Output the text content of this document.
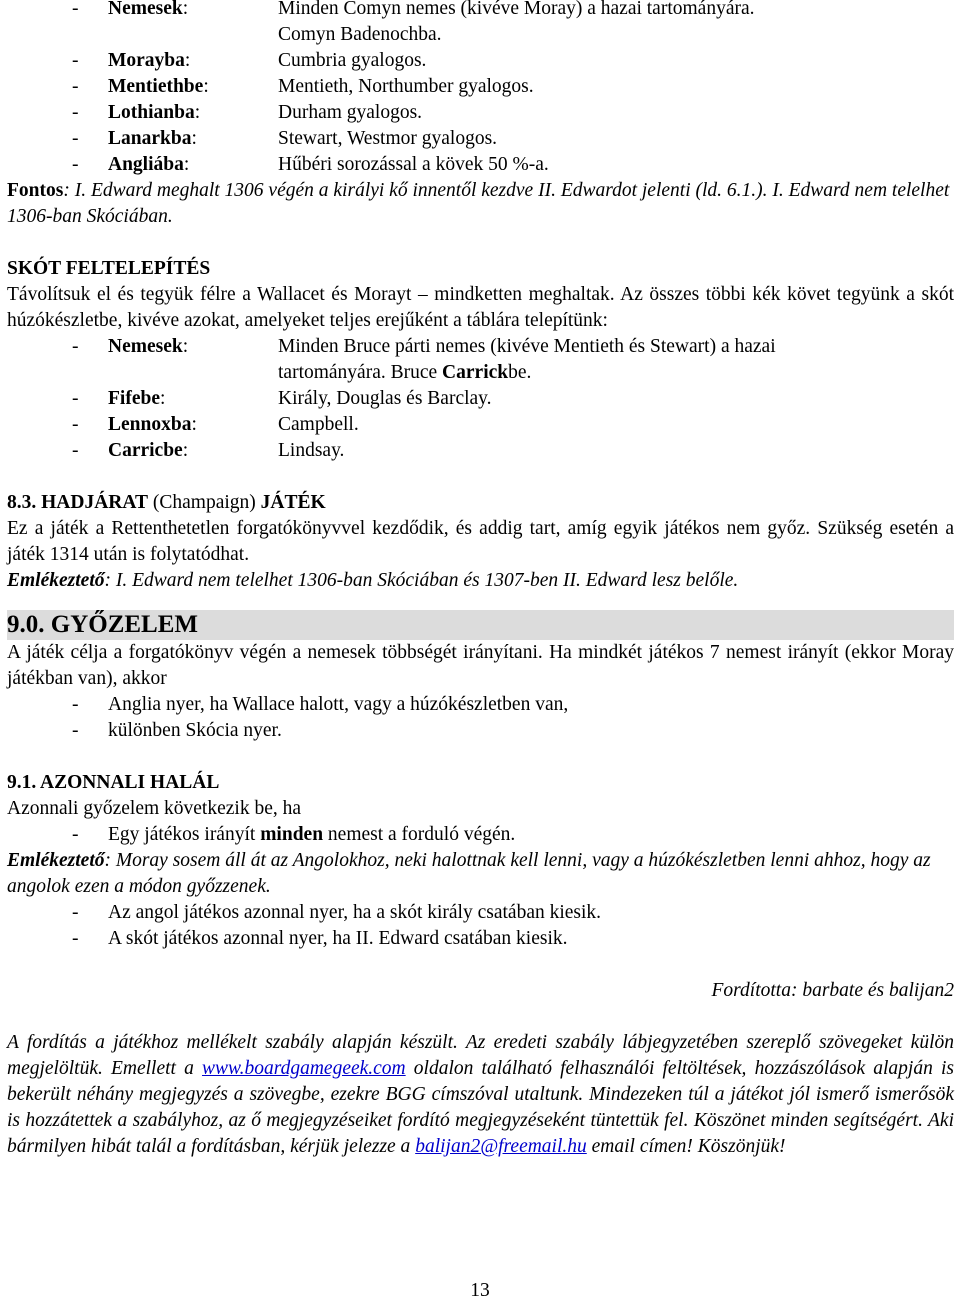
-	Nemesek:	Minden Comyn nemes (kivéve Moray) a hazai tartományára.

Comyn Badenochba.

-	Morayba:	Cumbria gyalogos.
-	Mentiethbe:	Mentieth, Northumber gyalogos.
-	Lothianba:	Durham gyalogos.
-	Lanarkba:	Stewart, Westmor gyalogos.
-	Angliába:	Hűbéri sorozással a kövek 50 %-a.

Fontos: I. Edward meghalt 1306 végén a királyi kő innentől kezdve II. Edwardot jelenti (ld. 6.1.). I. Edward nem telelhet 1306-ban Skóciában.

SKÓT FELTELEPÍTÉS

Távolítsuk el és tegyük félre a Wallacet és Morayt – mindketten meghaltak. Az összes többi kék követ tegyünk a skót húzókészletbe, kivéve azokat, amelyeket teljes erejűként a táblára telepítünk:

-	Nemesek:	Minden Bruce párti nemes (kivéve Mentieth és Stewart) a hazai

tartományára. Bruce Carrickbe.

-	Fifebe:	Király, Douglas és Barclay.
-	Lennoxba:	Campbell.
-	Carricbe:	Lindsay.

8.3. HADJÁRAT (Champaign) JÁTÉK

Ez a játék a Rettenthetetlen forgatókönyvvel kezdődik, és addig tart, amíg egyik játékos nem győz. Szükség esetén a játék 1314 után is folytatódhat.

Emlékeztető: I. Edward nem telelhet 1306-ban Skóciában és 1307-ben II. Edward lesz belőle.

9.0. GYŐZELEM

A játék célja a forgatókönyv végén a nemesek többségét irányítani. Ha mindkét játékos 7 nemest irányít (ekkor Moray játékban van), akkor

-	Anglia nyer, ha Wallace halott, vagy a húzókészletben van,
-	különben Skócia nyer.

9.1. AZONNALI HALÁL

Azonnali győzelem következik be, ha

-	Egy játékos irányít minden nemest a forduló végén.

Emlékeztető: Moray sosem áll át az Angolokhoz, neki halottnak kell lenni, vagy a húzókészletben lenni ahhoz, hogy az angolok ezen a módon győzzenek.

-	Az angol játékos azonnal nyer, ha a skót király csatában kiesik.
-	A skót játékos azonnal nyer, ha II. Edward csatában kiesik.

Fordította: barbate és balijan2

A fordítás a játékhoz mellékelt szabály alapján készült. Az eredeti szabály lábjegyzetében szereplő szövegeket külön megjelöltük. Emellett a www.boardgamegeek.com oldalon található felhasználói feltöltések, hozzászólások alapján is bekerült néhány megjegyzés a szövegbe, ezekre BGG címszóval utaltunk. Mindezeken túl a játékot jól ismerő ismerősök is hozzátettek a szabályhoz, az ő megjegyzéseiket fordító megjegyzéseként tüntettük fel. Köszönet minden segítségért. Aki bármilyen hibát talál a fordításban, kérjük jelezze a balijan2@freemail.hu email címen! Köszönjük!

13
